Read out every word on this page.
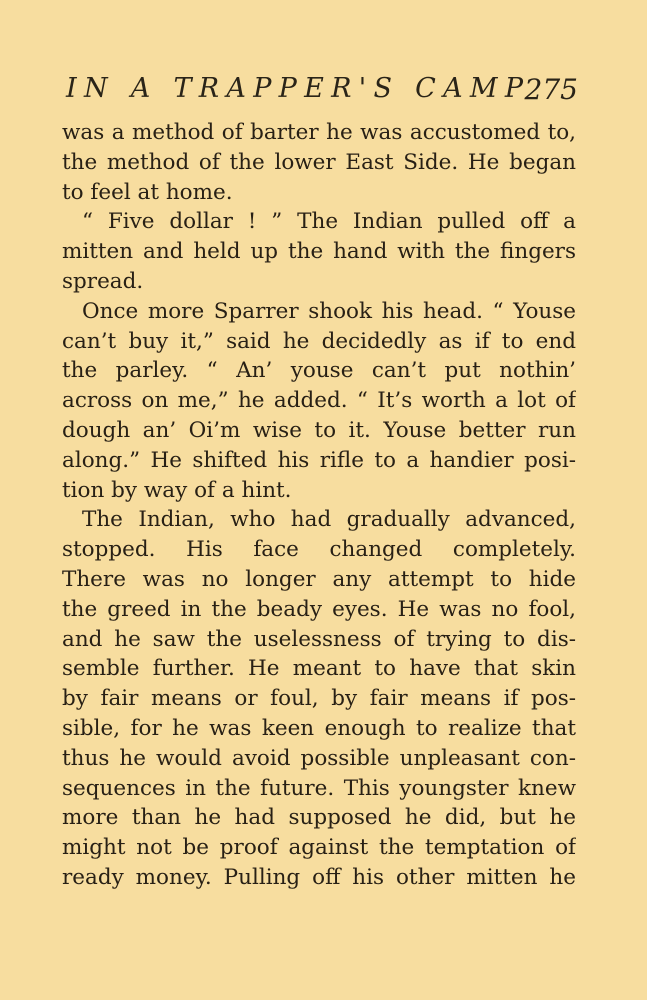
IN A TRAPPER'S CAMP
275
was a method of barter he was accustomed to,
the method of the lower East Side. He began
to feel at home.
“ Five dollar ! ” The Indian pulled off a
mitten and held up the hand with the fingers
spread.
Once more Sparrer shook his head. “ Youse
can’t buy it,” said he decidedly as if to end
the parley. “ An’ youse can’t put nothin’
across on me,” he added. “ It’s worth a lot of
dough an’ Oi’m wise to it. Youse better run
along.” He shifted his rifle to a handier posi-
tion by way of a hint.
The Indian, who had gradually advanced,
stopped. His face changed completely.
There was no longer any attempt to hide
the greed in the beady eyes. He was no fool,
and he saw the uselessness of trying to dis-
semble further. He meant to have that skin
by fair means or foul, by fair means if pos-
sible, for he was keen enough to realize that
thus he would avoid possible unpleasant con-
sequences in the future. This youngster knew
more than he had supposed he did, but he
might not be proof against the temptation of
ready money. Pulling off his other mitten he
